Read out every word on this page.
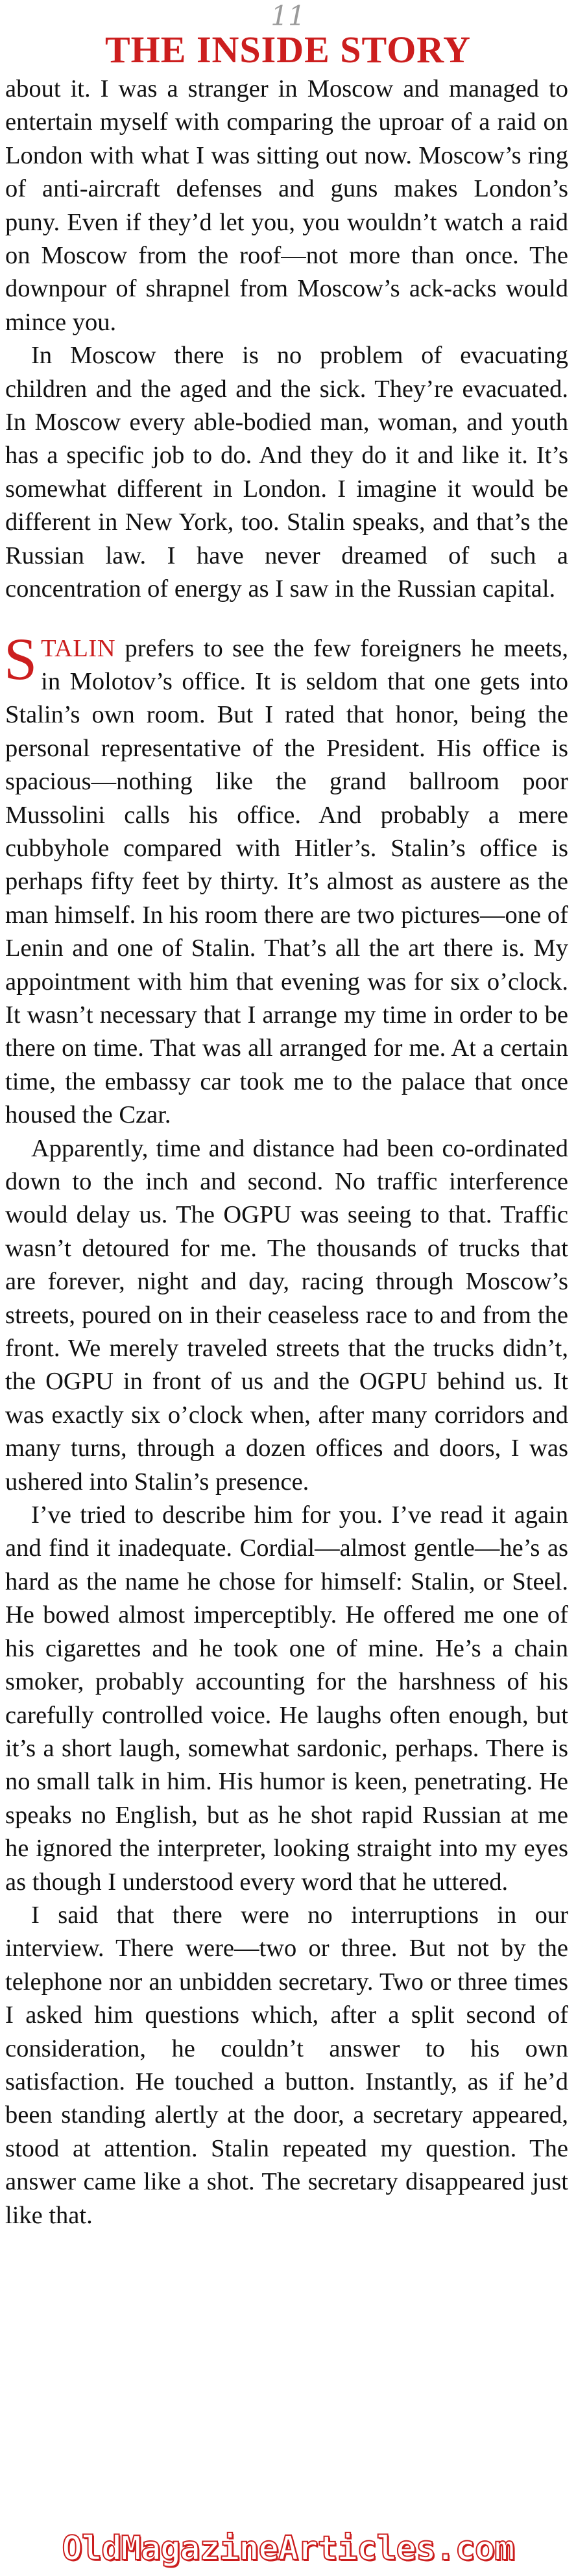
11
THE INSIDE STORY

about it. I was a stranger in Moscow and managed to entertain myself with comparing the uproar of a raid on London with what I was sitting out now. Moscow’s ring of anti-aircraft defenses and guns makes London’s puny. Even if they’d let you, you wouldn’t watch a raid on Moscow from the roof—not more than once. The downpour of shrapnel from Moscow’s ack-acks would mince you.

In Moscow there is no problem of evacuating children and the aged and the sick. They’re evacuated. In Moscow every able-bodied man, woman, and youth has a specific job to do. And they do it and like it. It’s somewhat different in London. I imagine it would be different in New York, too. Stalin speaks, and that’s the Russian law. I have never dreamed of such a concentration of energy as I saw in the Russian capital.

STALIN prefers to see the few foreigners he meets, in Molotov’s office. It is seldom that one gets into Stalin’s own room. But I rated that honor, being the personal representative of the President. His office is spacious—nothing like the grand ballroom poor Mussolini calls his office. And probably a mere cubbyhole compared with Hitler’s. Stalin’s office is perhaps fifty feet by thirty. It’s almost as austere as the man himself. In his room there are two pictures—one of Lenin and one of Stalin. That’s all the art there is. My appointment with him that evening was for six o’clock. It wasn’t necessary that I arrange my time in order to be there on time. That was all arranged for me. At a certain time, the embassy car took me to the palace that once housed the Czar.

Apparently, time and distance had been co-ordinated down to the inch and second. No traffic interference would delay us. The OGPU was seeing to that. Traffic wasn’t detoured for me. The thousands of trucks that are forever, night and day, racing through Moscow’s streets, poured on in their ceaseless race to and from the front. We merely traveled streets that the trucks didn’t, the OGPU in front of us and the OGPU behind us. It was exactly six o’clock when, after many corridors and many turns, through a dozen offices and doors, I was ushered into Stalin’s presence.

I’ve tried to describe him for you. I’ve read it again and find it inadequate. Cordial—almost gentle—he’s as hard as the name he chose for himself: Stalin, or Steel. He bowed almost imperceptibly. He offered me one of his cigarettes and he took one of mine. He’s a chain smoker, probably accounting for the harshness of his carefully controlled voice. He laughs often enough, but it’s a short laugh, somewhat sardonic, perhaps. There is no small talk in him. His humor is keen, penetrating. He speaks no English, but as he shot rapid Russian at me he ignored the interpreter, looking straight into my eyes as though I understood every word that he uttered.

I said that there were no interruptions in our interview. There were—two or three. But not by the telephone nor an unbidden secretary. Two or three times I asked him questions which, after a split second of consideration, he couldn’t answer to his own satisfaction. He touched a button. Instantly, as if he’d been standing alertly at the door, a secretary appeared, stood at attention. Stalin repeated my question. The answer came like a shot. The secretary disappeared just like that.

OldMagazineArticles.com
